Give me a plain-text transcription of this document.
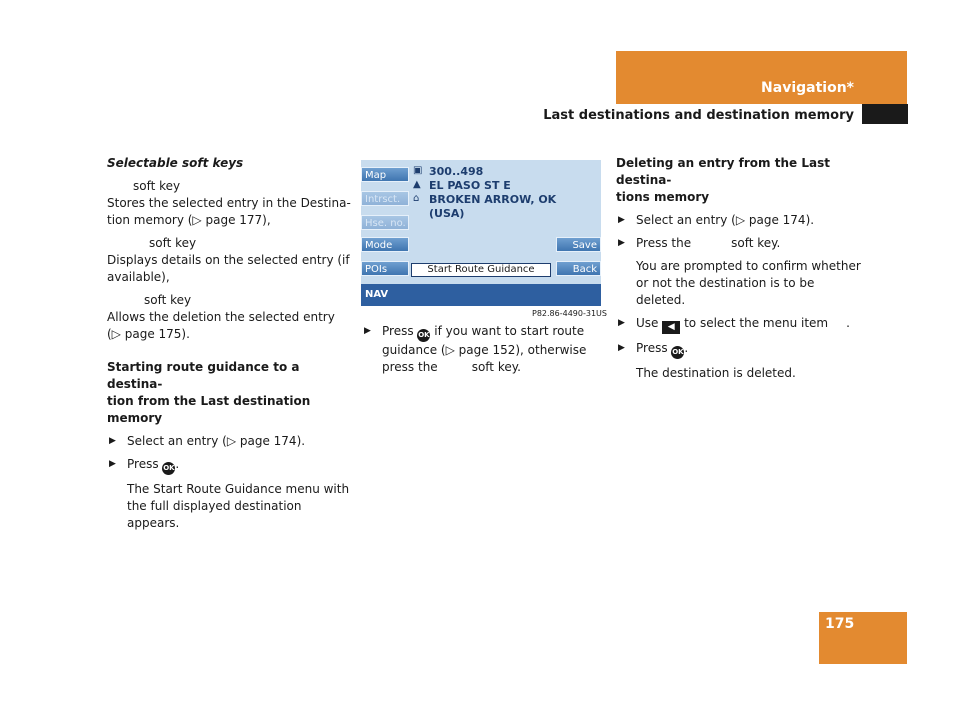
Navigation*
Last destinations and destination memory

Selectable soft keys

soft key

Stores the selected entry in the Destina-

tion memory (▷ page 177),

soft key

Displays details on the selected entry (if

available),

soft key

Allows the deletion the selected entry

(▷ page 175).

Starting route guidance to a destina-

tion from the Last destination memory

▶ Select an entry (▷ page 174).

▶ Press OK.

The Start Route Guidance menu with

the full displayed destination appears.

Map
Intrsct.
Hse. no.
Mode
POIs
Save
Back
▣
▲
⌂
300..498
EL PASO ST E
BROKEN ARROW, OK
(USA)
Start Route Guidance
NAV
P82.86-4490-31US

▶ Press OK if you want to start route

guidance (▷ page 152), otherwise

press the	soft key.

Deleting an entry from the Last destina-

tions memory

▶ Select an entry (▷ page 174).

▶ Press the	soft key.

You are prompted to confirm whether

or not the destination is to be deleted.

▶ Use ◀ to select the menu item .

▶ Press OK.

The destination is deleted.

175
